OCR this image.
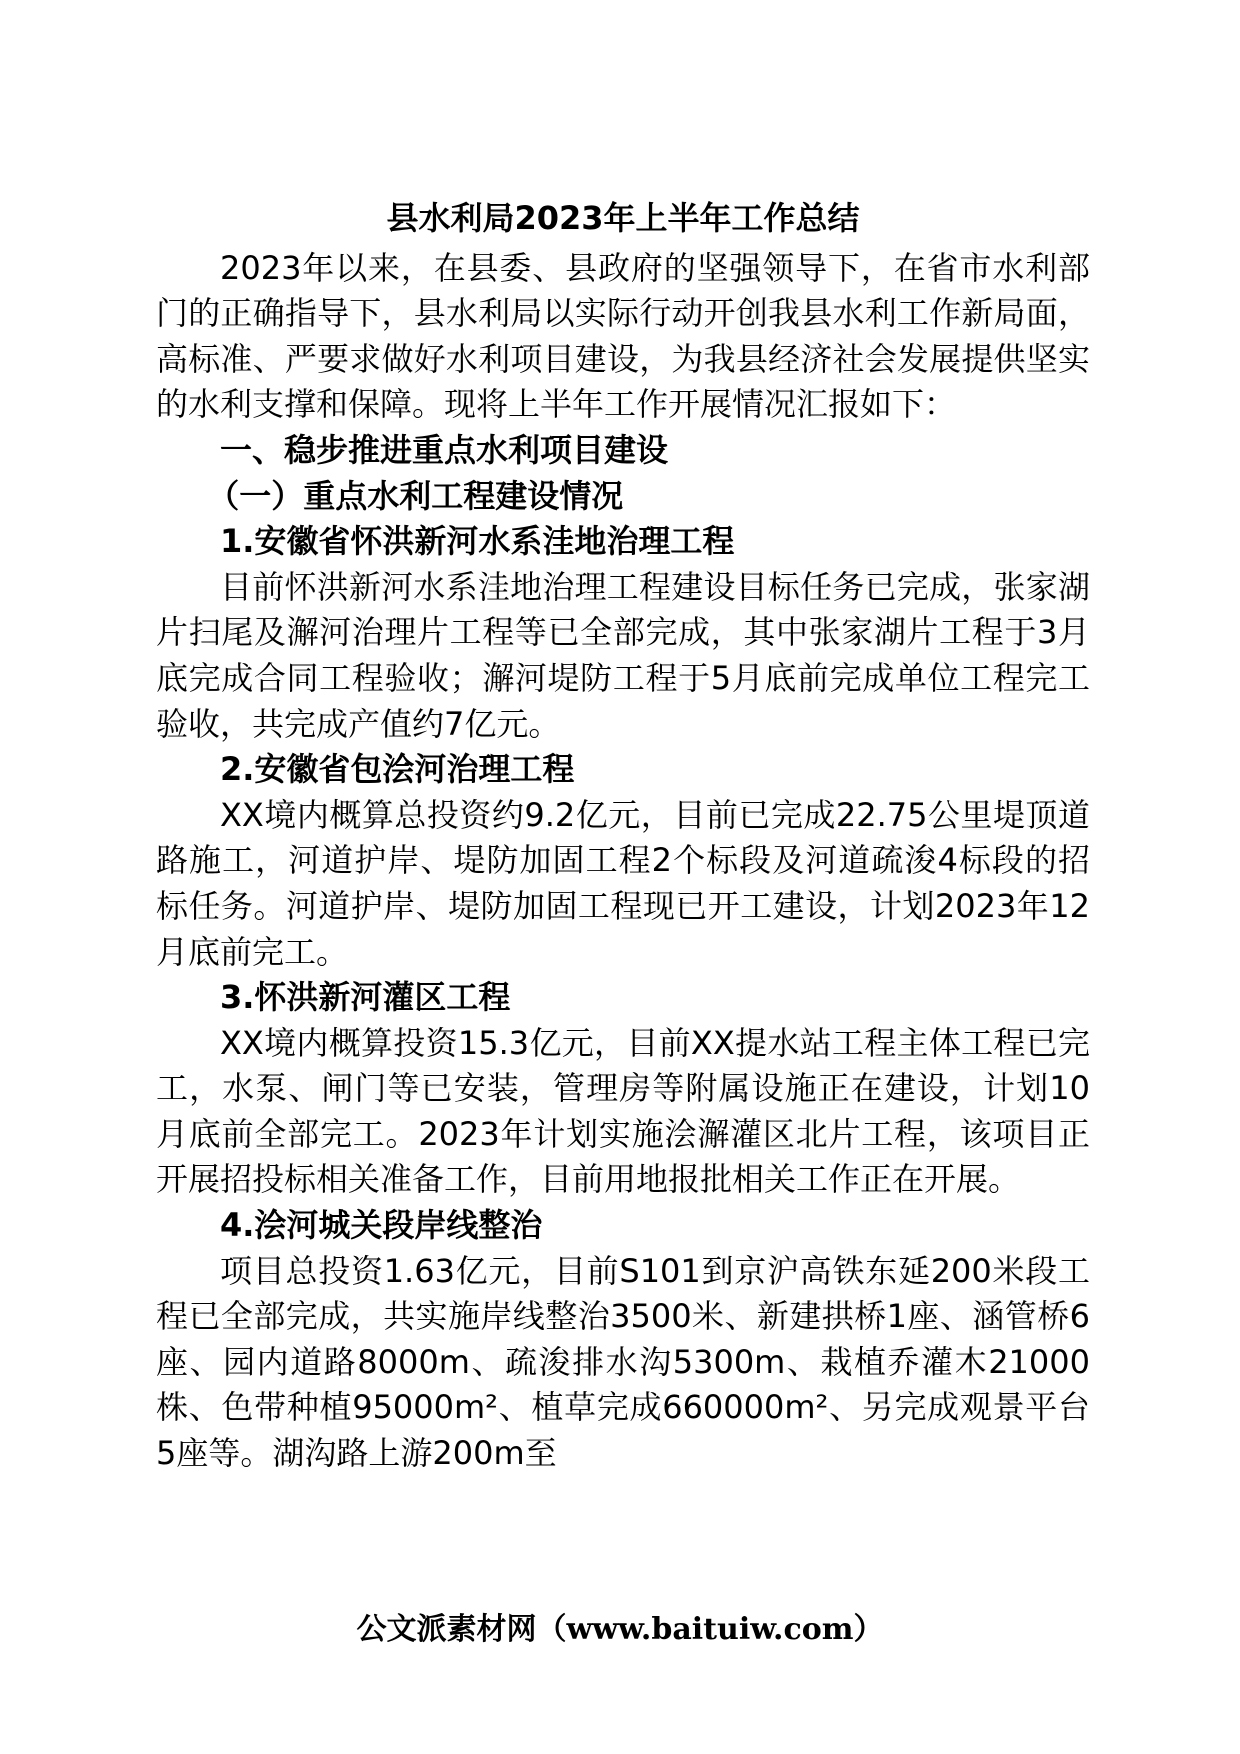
县水利局2023年上半年工作总结

2023年以来，在县委、县政府的坚强领导下，在省市水利部门的正确指导下，县水利局以实际行动开创我县水利工作新局面，高标准、严要求做好水利项目建设，为我县经济社会发展提供坚实的水利支撑和保障。现将上半年工作开展情况汇报如下：

一、稳步推进重点水利项目建设

（一）重点水利工程建设情况

1.安徽省怀洪新河水系洼地治理工程

目前怀洪新河水系洼地治理工程建设目标任务已完成，张家湖片扫尾及澥河治理片工程等已全部完成，其中张家湖片工程于3月底完成合同工程验收；澥河堤防工程于5月底前完成单位工程完工验收，共完成产值约7亿元。

2.安徽省包浍河治理工程

XX境内概算总投资约9.2亿元，目前已完成22.75公里堤顶道路施工，河道护岸、堤防加固工程2个标段及河道疏浚4标段的招标任务。河道护岸、堤防加固工程现已开工建设，计划2023年12月底前完工。

3.怀洪新河灌区工程

XX境内概算投资15.3亿元，目前XX提水站工程主体工程已完工，水泵、闸门等已安装，管理房等附属设施正在建设，计划10月底前全部完工。2023年计划实施浍澥灌区北片工程，该项目正开展招投标相关准备工作，目前用地报批相关工作正在开展。

4.浍河城关段岸线整治

项目总投资1.63亿元，目前S101到京沪高铁东延200米段工程已全部完成，共实施岸线整治3500米、新建拱桥1座、涵管桥6座、园内道路8000m、疏浚排水沟5300m、栽植乔灌木21000株、色带种植95000m²、植草完成660000m²、另完成观景平台5座等。湖沟路上游200m至

公文派素材网（www.baituiw.com）
